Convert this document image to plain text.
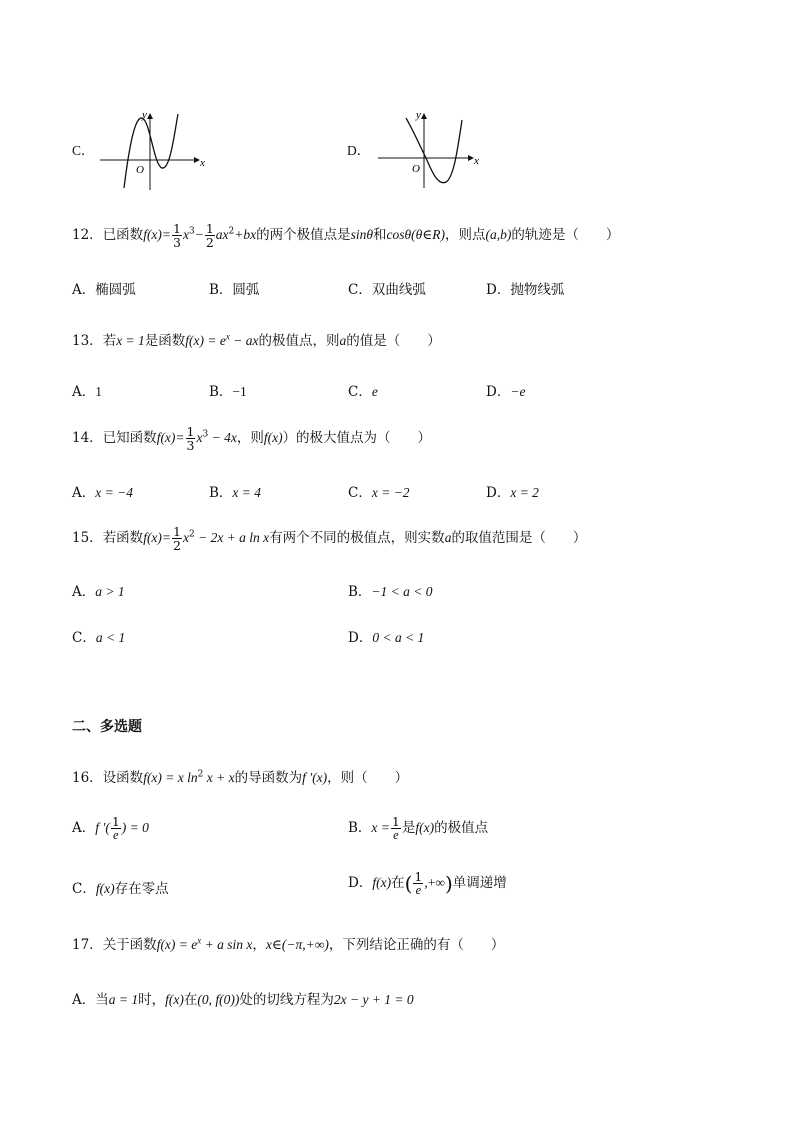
C．
x
y
O
D．
x
y
O
12．已函数$f(x)= \frac{1}{3} x^3- \frac{1}{2} ax^2+bx$的两个极值点是sinθ和cosθ(θ∈R)，则点(a,b)的轨迹是（　　）
A．椭圆弧	B．圆弧	C．双曲线弧	D．抛物线弧
13．若x = 1是函数$f(x) = e^x$ − ax的极值点，则a的值是（　　）
A．1	B．−1	C．e	D．−e
14．已知函数$f(x)= \frac{1}{3} x^3 - 4x$，则f(x)）的极大值点为（　　）
A．x = −4	B．x = 4	C．x = −2	D．x = 2
15．若函数$f(x)= \frac{1}{2} x^2 - 2x + a$ ln x有两个不同的极值点，则实数a的取值范围是（　　）
A．a > 1	B．−1 < a < 0
C．a < 1	D．0 < a < 1
二、多选题
16．设函数f(x) = x $\ln^2 x + x$的导函数为f ′(x)，则（　　）
A．f ′( $\frac{1}{e}$ ) = 0	B．$x = \frac{1}{e}$ 是f(x)的极值点
C．f(x)存在零点	D．f(x)在( $\frac{1}{e}$ ,+∞)单调递增
17．关于函数$f(x) = e^x + a$ sin x，x∈(−π,+∞)，下列结论正确的有（　　）
A．当a = 1时，f(x)在(0, f(0))处的切线方程为2x − y + 1 = 0
